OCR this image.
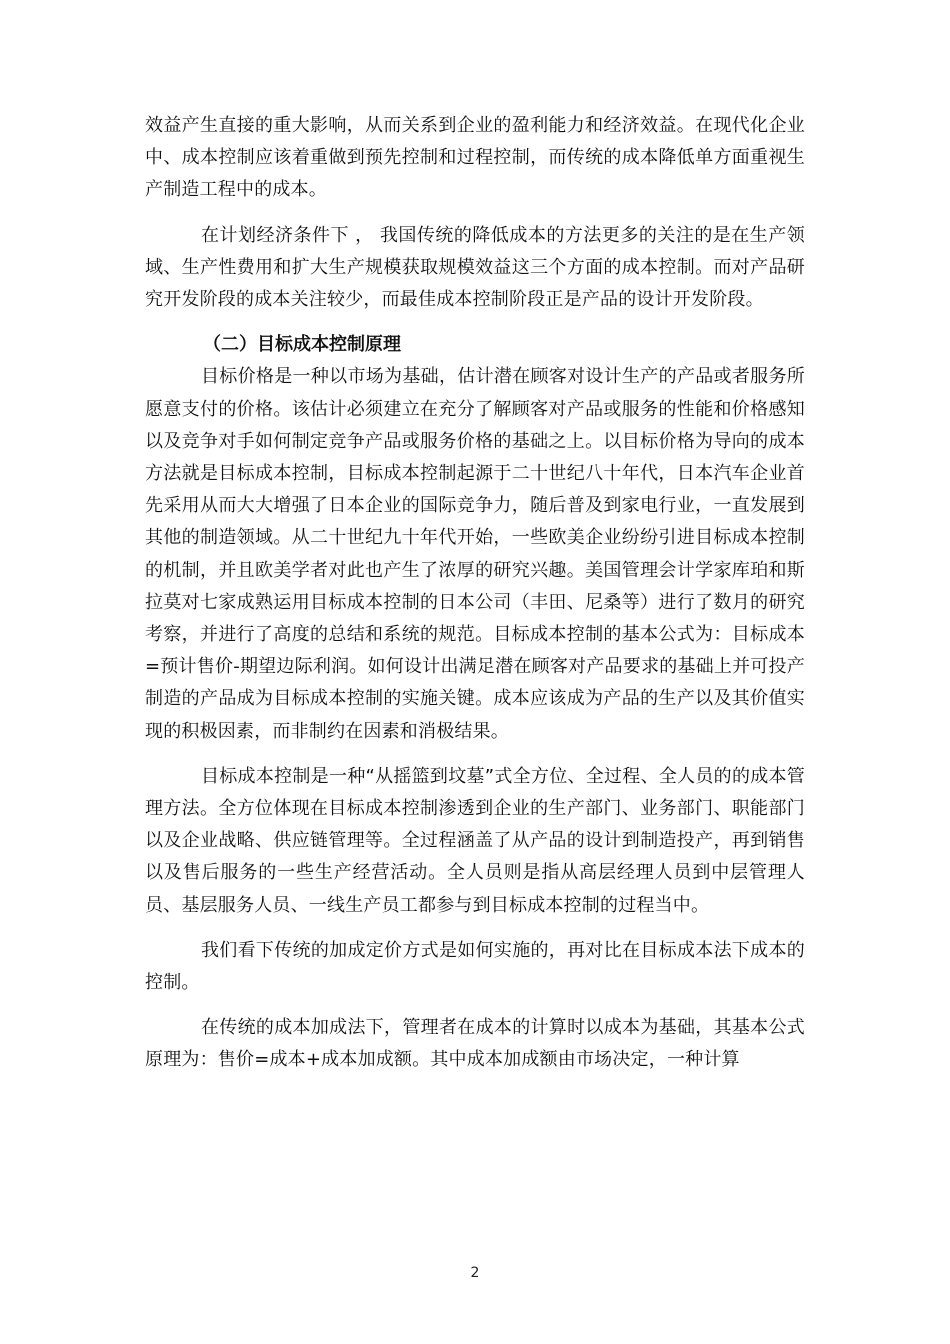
效益产生直接的重大影响，从而关系到企业的盈利能力和经济效益。在现代化企业中、成本控制应该着重做到预先控制和过程控制，而传统的成本降低单方面重视生产制造工程中的成本。

在计划经济条件下 ， 我国传统的降低成本的方法更多的关注的是在生产领域、生产性费用和扩大生产规模获取规模效益这三个方面的成本控制。而对产品研究开发阶段的成本关注较少，而最佳成本控制阶段正是产品的设计开发阶段。

（二）目标成本控制原理

目标价格是一种以市场为基础，估计潜在顾客对设计生产的产品或者服务所愿意支付的价格。该估计必须建立在充分了解顾客对产品或服务的性能和价格感知以及竞争对手如何制定竞争产品或服务价格的基础之上。以目标价格为导向的成本方法就是目标成本控制，目标成本控制起源于二十世纪八十年代，日本汽车企业首先采用从而大大增强了日本企业的国际竞争力，随后普及到家电行业，一直发展到其他的制造领域。从二十世纪九十年代开始，一些欧美企业纷纷引进目标成本控制的机制，并且欧美学者对此也产生了浓厚的研究兴趣。美国管理会计学家库珀和斯拉莫对七家成熟运用目标成本控制的日本公司（丰田、尼桑等）进行了数月的研究考察，并进行了高度的总结和系统的规范。目标成本控制的基本公式为：目标成本=预计售价-期望边际利润。如何设计出满足潜在顾客对产品要求的基础上并可投产制造的产品成为目标成本控制的实施关键。成本应该成为产品的生产以及其价值实现的积极因素，而非制约在因素和消极结果。

目标成本控制是一种“从摇篮到坟墓”式全方位、全过程、全人员的的成本管理方法。全方位体现在目标成本控制渗透到企业的生产部门、业务部门、职能部门以及企业战略、供应链管理等。全过程涵盖了从产品的设计到制造投产，再到销售以及售后服务的一些生产经营活动。全人员则是指从高层经理人员到中层管理人员、基层服务人员、一线生产员工都参与到目标成本控制的过程当中。

我们看下传统的加成定价方式是如何实施的，再对比在目标成本法下成本的控制。

在传统的成本加成法下，管理者在成本的计算时以成本为基础，其基本公式原理为：售价=成本+成本加成额。其中成本加成额由市场决定，一种计算

2
